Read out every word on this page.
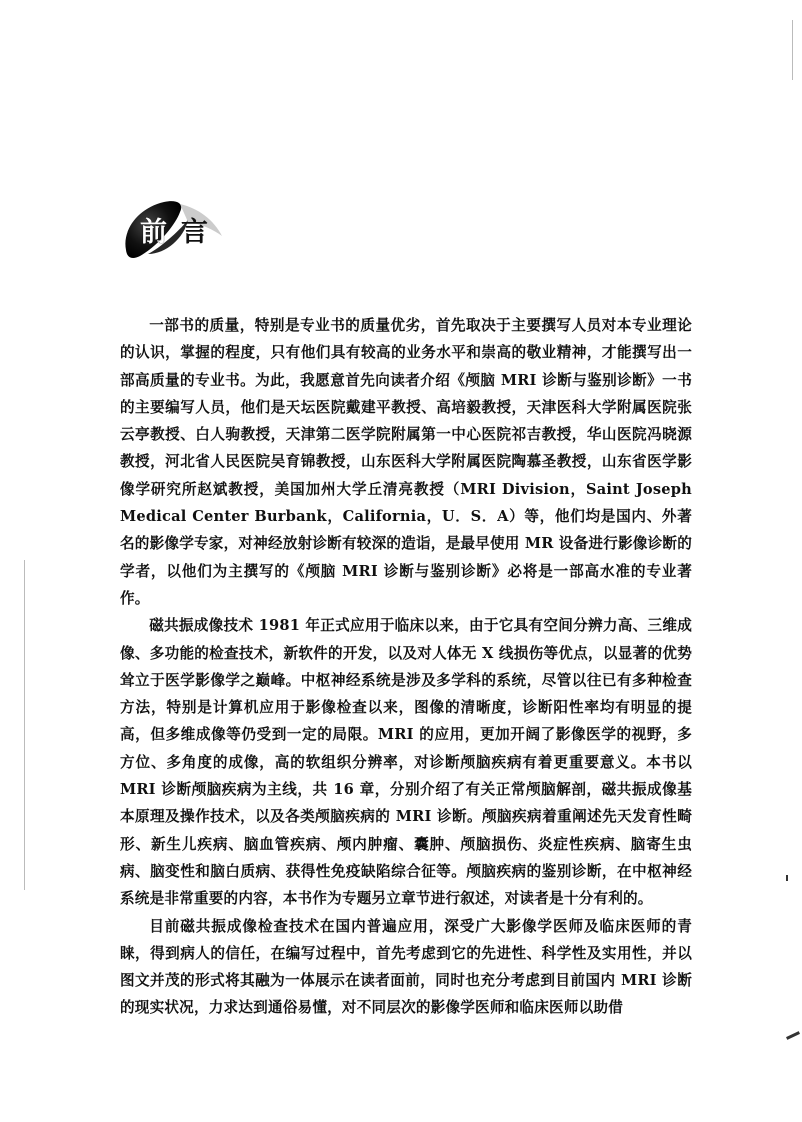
前言

一部书的质量，特别是专业书的质量优劣，首先取决于主要撰写人员对本专业理论的认识，掌握的程度，只有他们具有较高的业务水平和崇高的敬业精神，才能撰写出一部高质量的专业书。为此，我愿意首先向读者介绍《颅脑 MRI 诊断与鉴别诊断》一书的主要编写人员，他们是天坛医院戴建平教授、高培毅教授，天津医科大学附属医院张云亭教授、白人驹教授，天津第二医学院附属第一中心医院祁吉教授，华山医院冯晓源教授，河北省人民医院吴育锦教授，山东医科大学附属医院陶慕圣教授，山东省医学影像学研究所赵斌教授，美国加州大学丘清亮教授（MRI Division，Saint Joseph Medical Center Burbank，California，U．S．A）等，他们均是国内、外著名的影像学专家，对神经放射诊断有较深的造诣，是最早使用 MR 设备进行影像诊断的学者，以他们为主撰写的《颅脑 MRI 诊断与鉴别诊断》必将是一部高水准的专业著作。

磁共振成像技术 1981 年正式应用于临床以来，由于它具有空间分辨力高、三维成像、多功能的检查技术，新软件的开发，以及对人体无 X 线损伤等优点，以显著的优势耸立于医学影像学之巅峰。中枢神经系统是涉及多学科的系统，尽管以往已有多种检查方法，特别是计算机应用于影像检查以来，图像的清晰度，诊断阳性率均有明显的提高，但多维成像等仍受到一定的局限。MRI 的应用，更加开阔了影像医学的视野，多方位、多角度的成像，高的软组织分辨率，对诊断颅脑疾病有着更重要意义。本书以 MRI 诊断颅脑疾病为主线，共 16 章，分别介绍了有关正常颅脑解剖，磁共振成像基本原理及操作技术，以及各类颅脑疾病的 MRI 诊断。颅脑疾病着重阐述先天发育性畸形、新生儿疾病、脑血管疾病、颅内肿瘤、囊肿、颅脑损伤、炎症性疾病、脑寄生虫病、脑变性和脑白质病、获得性免疫缺陷综合征等。颅脑疾病的鉴别诊断，在中枢神经系统是非常重要的内容，本书作为专题另立章节进行叙述，对读者是十分有利的。

目前磁共振成像检查技术在国内普遍应用，深受广大影像学医师及临床医师的青睐，得到病人的信任，在编写过程中，首先考虑到它的先进性、科学性及实用性，并以图文并茂的形式将其融为一体展示在读者面前，同时也充分考虑到目前国内 MRI 诊断的现实状况，力求达到通俗易懂，对不同层次的影像学医师和临床医师以助借
